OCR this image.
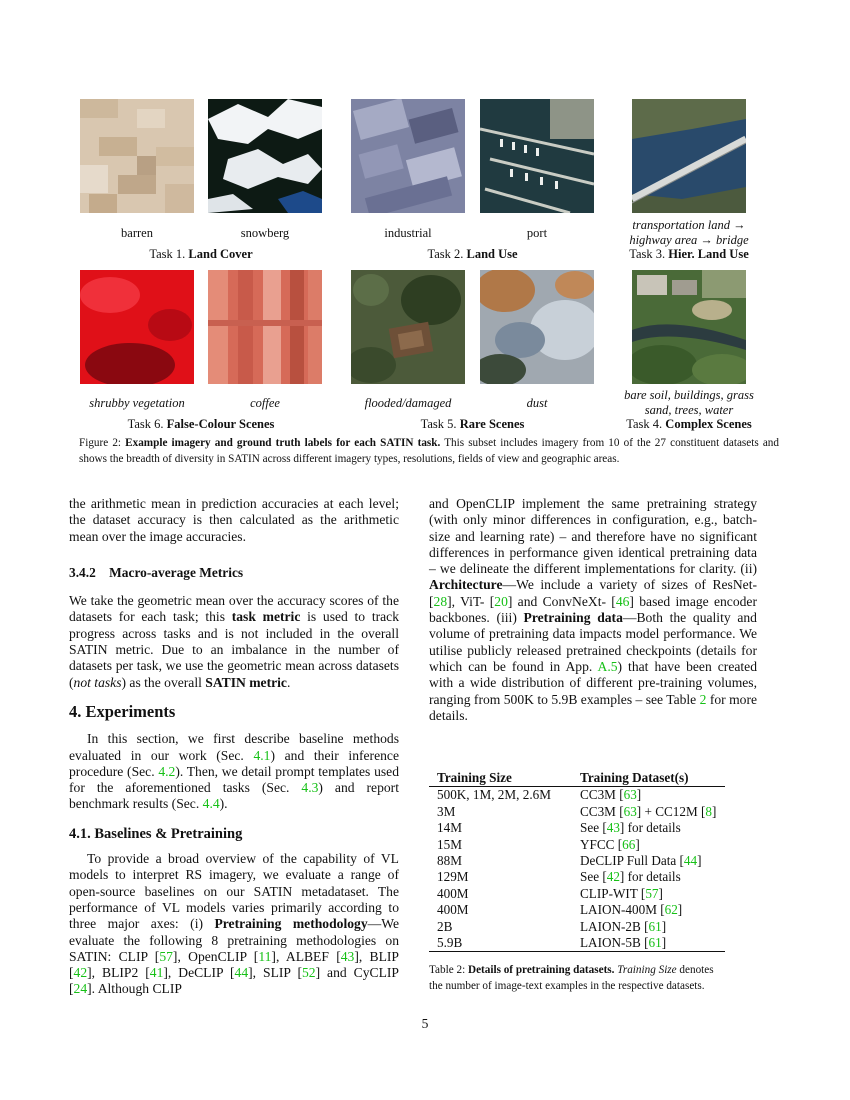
barren	snowberg	industrial	port
transportation land → highway area → bridge
Task 1. Land Cover	Task 2. Land Use	Task 3. Hier. Land Use
shrubby vegetation	coffee	flooded/damaged	dust
bare soil, buildings, grass sand, trees, water
Task 6. False-Colour Scenes	Task 5. Rare Scenes	Task 4. Complex Scenes
Figure 2: Example imagery and ground truth labels for each SATIN task. This subset includes imagery from 10 of the 27 constituent datasets and shows the breadth of diversity in SATIN across different imagery types, resolutions, fields of view and geographic areas.

the arithmetic mean in prediction accuracies at each level; the dataset accuracy is then calculated as the arithmetic mean over the image accuracies.

3.4.2 Macro-average Metrics

We take the geometric mean over the accuracy scores of the datasets for each task; this task metric is used to track progress across tasks and is not included in the overall SATIN metric. Due to an imbalance in the number of datasets per task, we use the geometric mean across datasets (not tasks) as the overall SATIN metric.

4. Experiments

In this section, we first describe baseline methods evaluated in our work (Sec. 4.1) and their inference procedure (Sec. 4.2). Then, we detail prompt templates used for the aforementioned tasks (Sec. 4.3) and report benchmark results (Sec. 4.4).

4.1. Baselines & Pretraining

To provide a broad overview of the capability of VL models to interpret RS imagery, we evaluate a range of open-source baselines on our SATIN metadataset. The performance of VL models varies primarily according to three major axes: (i) Pretraining methodology—We evaluate the following 8 pretraining methodologies on SATIN: CLIP [57], OpenCLIP [11], ALBEF [43], BLIP [42], BLIP2 [41], DeCLIP [44], SLIP [52] and CyCLIP [24]. Although CLIP

and OpenCLIP implement the same pretraining strategy (with only minor differences in configuration, e.g., batch-size and learning rate) – and therefore have no significant differences in performance given identical pretraining data – we delineate the different implementations for clarity. (ii) Architecture—We include a variety of sizes of ResNet- [28], ViT- [20] and ConvNeXt- [46] based image encoder backbones. (iii) Pretraining data—Both the quality and volume of pretraining data impacts model performance. We utilise publicly released pretrained checkpoints (details for which can be found in App. A.5) that have been created with a wide distribution of different pre-training volumes, ranging from 500K to 5.9B examples – see Table 2 for more details.

Training Size	Training Dataset(s)
500K, 1M, 2M, 2.6M	CC3M [63]
3M	CC3M [63] + CC12M [8]
14M	See [43] for details
15M	YFCC [66]
88M	DeCLIP Full Data [44]
129M	See [42] for details
400M	CLIP-WIT [57]
400M	LAION-400M [62]
2B	LAION-2B [61]
5.9B	LAION-5B [61]
Table 2: Details of pretraining datasets. Training Size denotes the number of image-text examples in the respective datasets.
5
